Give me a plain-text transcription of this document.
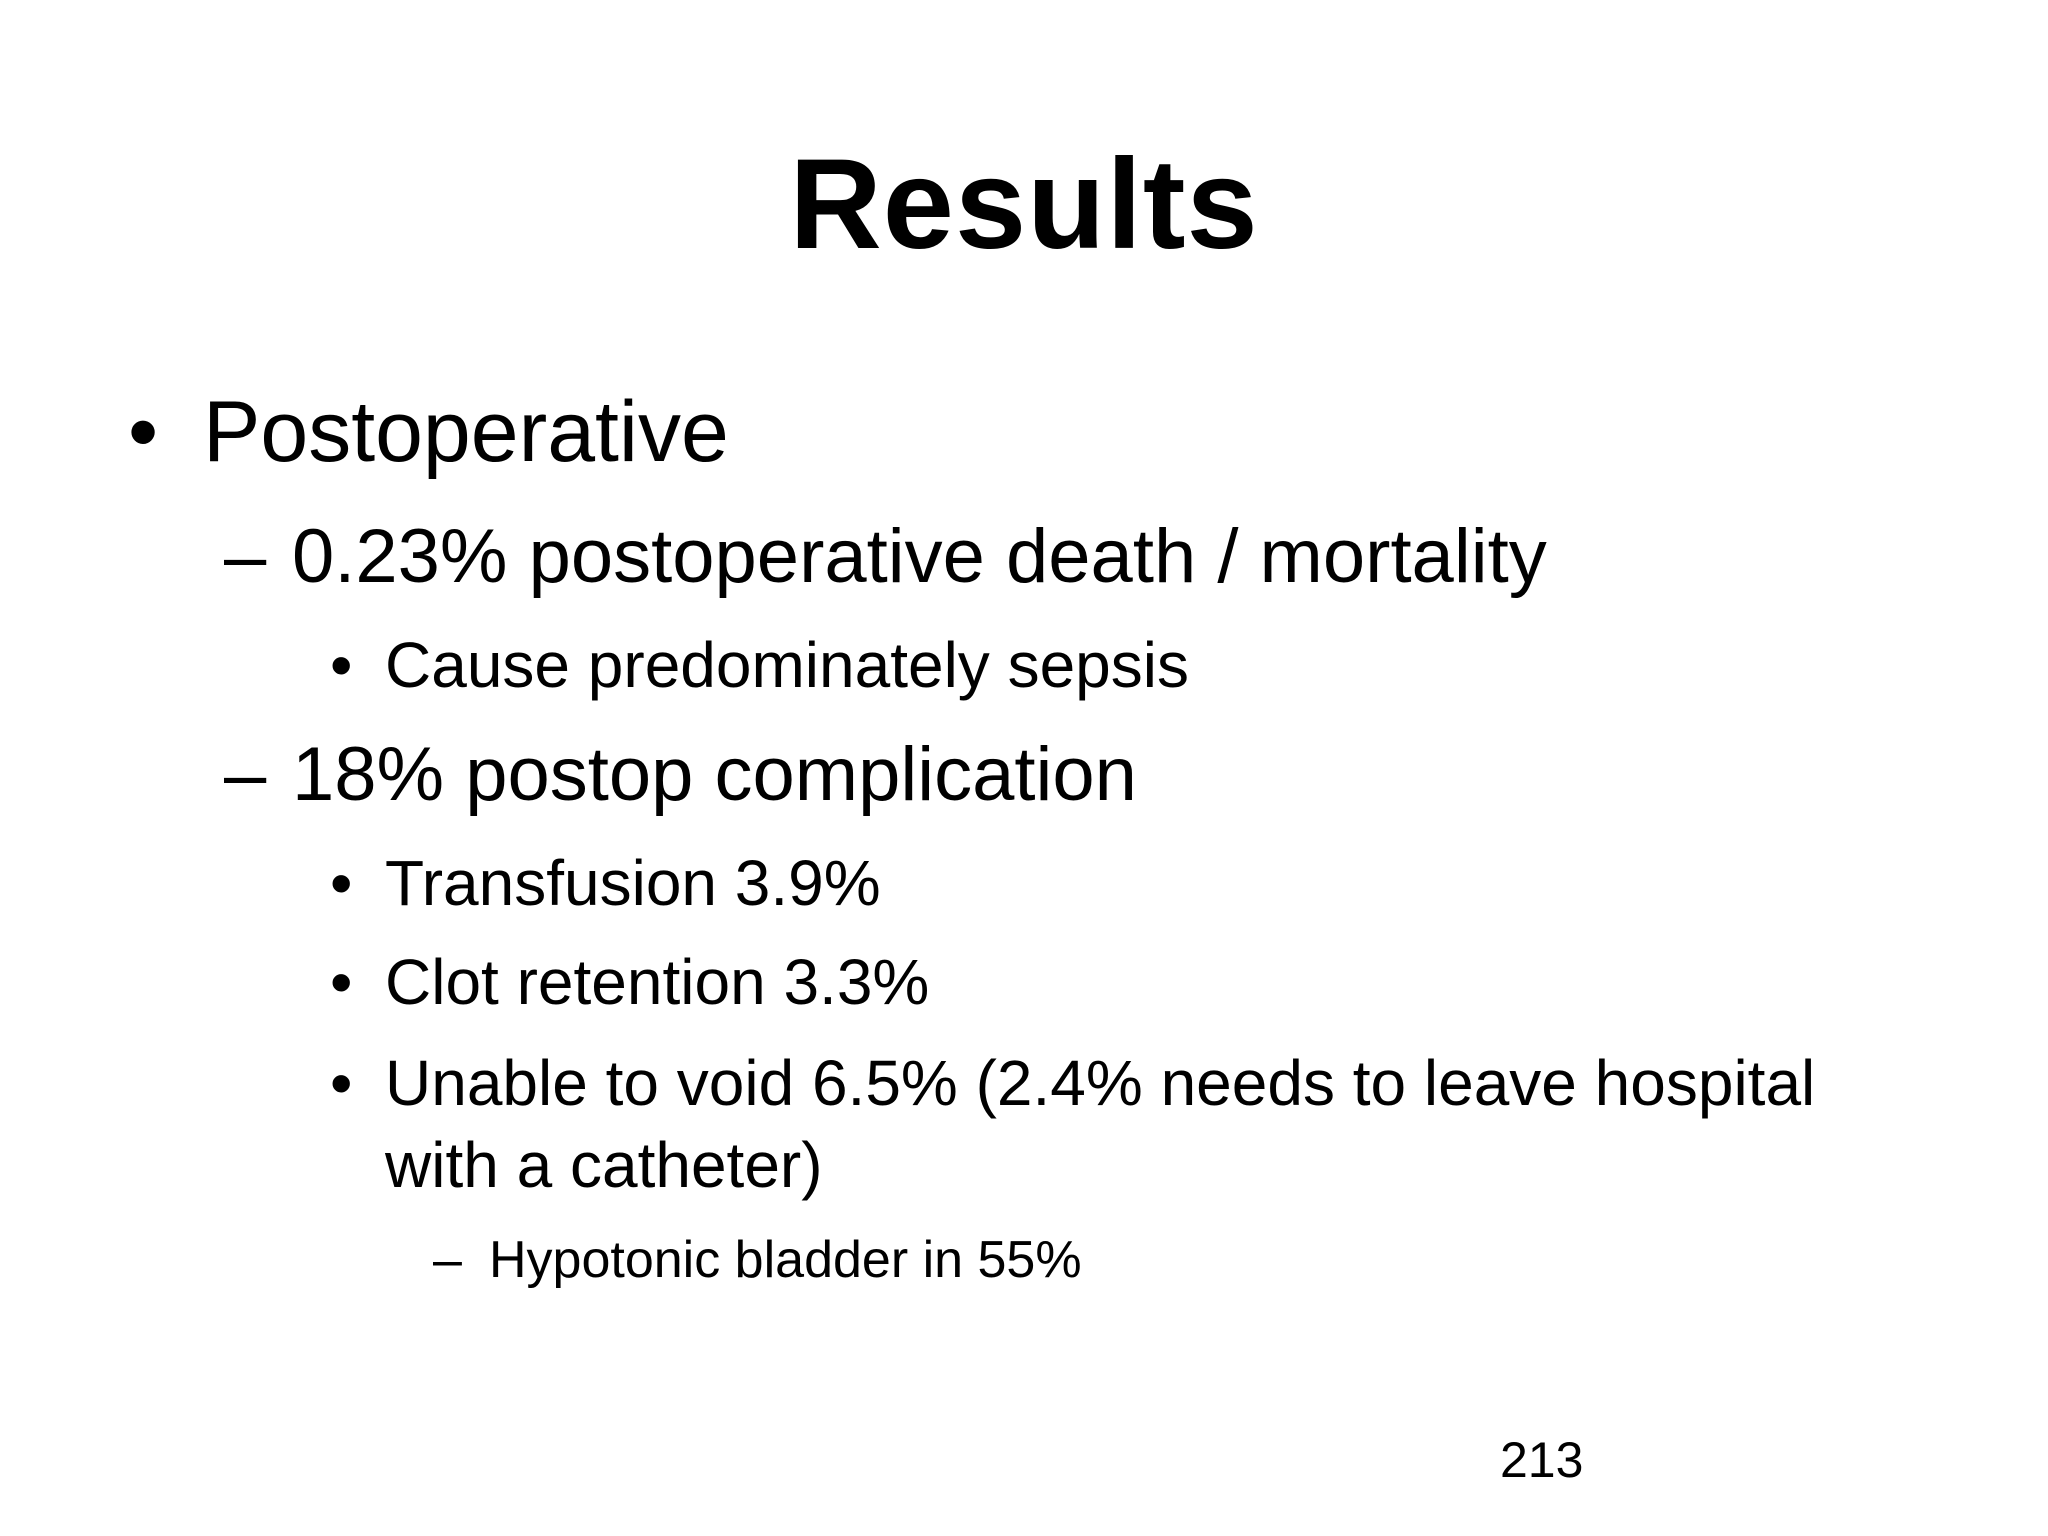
Results
• Postoperative
– 0.23% postoperative death / mortality
• Cause predominately sepsis
– 18% postop complication
• Transfusion 3.9%
• Clot retention 3.3%
• Unable to void 6.5% (2.4% needs to leave hospital
with a catheter)
– Hypotonic bladder in 55%
213
